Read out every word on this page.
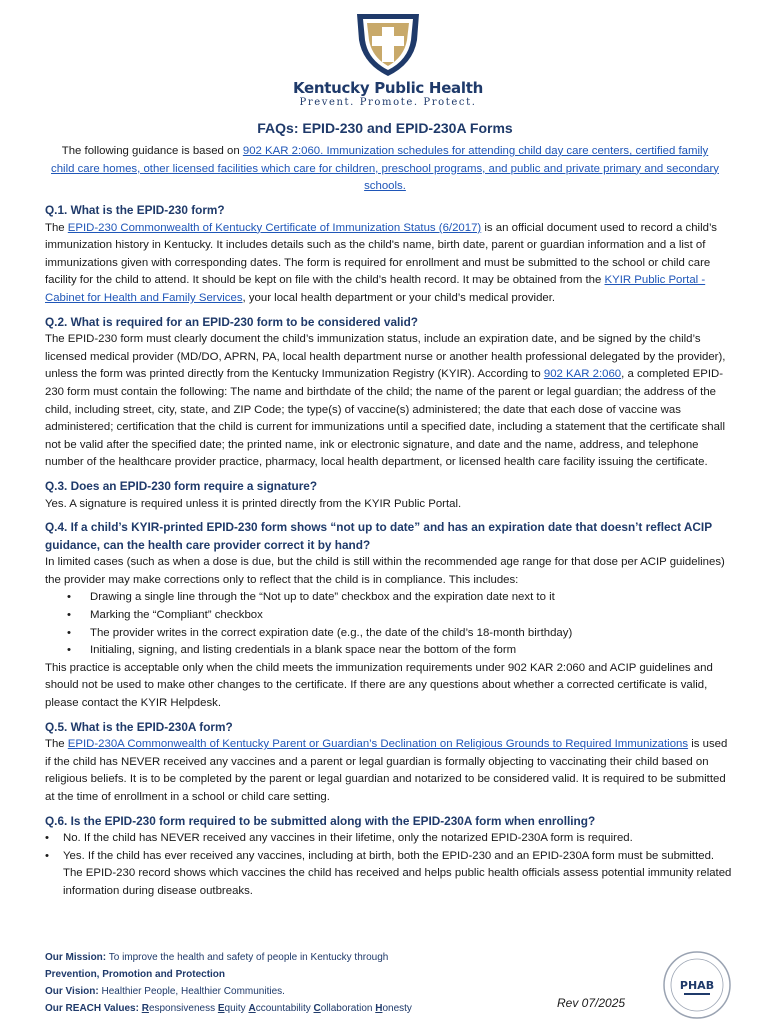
Kentucky Public Health
Prevent. Promote. Protect.
FAQs: EPID-230 and EPID-230A Forms
The following guidance is based on 902 KAR 2:060. Immunization schedules for attending child day care centers, certified family child care homes, other licensed facilities which care for children, preschool programs, and public and private primary and secondary schools.

Q.1. What is the EPID-230 form?

The EPID-230 Commonwealth of Kentucky Certificate of Immunization Status (6/2017) is an official document used to record a child’s immunization history in Kentucky. It includes details such as the child's name, birth date, parent or guardian information and a list of immunizations given with corresponding dates. The form is required for enrollment and must be submitted to the school or child care facility for the child to attend. It should be kept on file with the child’s health record. It may be obtained from the KYIR Public Portal - Cabinet for Health and Family Services, your local health department or your child’s medical provider.

Q.2. What is required for an EPID-230 form to be considered valid?

The EPID-230 form must clearly document the child’s immunization status, include an expiration date, and be signed by the child’s licensed medical provider (MD/DO, APRN, PA, local health department nurse or another health professional delegated by the provider), unless the form was printed directly from the Kentucky Immunization Registry (KYIR). According to 902 KAR 2:060, a completed EPID-230 form must contain the following: The name and birthdate of the child; the name of the parent or legal guardian; the address of the child, including street, city, state, and ZIP Code; the type(s) of vaccine(s) administered; the date that each dose of vaccine was administered; certification that the child is current for immunizations until a specified date, including a statement that the certificate shall not be valid after the specified date; the printed name, ink or electronic signature, and date and the name, address, and telephone number of the healthcare provider practice, pharmacy, local health department, or licensed health care facility issuing the certificate.

Q.3. Does an EPID-230 form require a signature?

Yes. A signature is required unless it is printed directly from the KYIR Public Portal.

Q.4. If a child’s KYIR-printed EPID-230 form shows “not up to date” and has an expiration date that doesn’t reflect ACIP guidance, can the health care provider correct it by hand?

In limited cases (such as when a dose is due, but the child is still within the recommended age range for that dose per ACIP guidelines) the provider may make corrections only to reflect that the child is in compliance. This includes:

• Drawing a single line through the “Not up to date” checkbox and the expiration date next to it
• Marking the “Compliant” checkbox
• The provider writes in the correct expiration date (e.g., the date of the child’s 18-month birthday)
• Initialing, signing, and listing credentials in a blank space near the bottom of the form

This practice is acceptable only when the child meets the immunization requirements under 902 KAR 2:060 and ACIP guidelines and should not be used to make other changes to the certificate. If there are any questions about whether a corrected certificate is valid, please contact the KYIR Helpdesk.

Q.5. What is the EPID-230A form?

The EPID-230A Commonwealth of Kentucky Parent or Guardian’s Declination on Religious Grounds to Required Immunizations is used if the child has NEVER received any vaccines and a parent or legal guardian is formally objecting to vaccinating their child based on religious beliefs. It is to be completed by the parent or legal guardian and notarized to be considered valid. It is required to be submitted at the time of enrollment in a school or child care setting.

Q.6. Is the EPID-230 form required to be submitted along with the EPID-230A form when enrolling?

• No. If the child has NEVER received any vaccines in their lifetime, only the notarized EPID-230A form is required.
• Yes. If the child has ever received any vaccines, including at birth, both the EPID-230 and an EPID-230A form must be submitted. The EPID-230 record shows which vaccines the child has received and helps public health officials assess potential immunity related information during disease outbreaks.
Our Mission: To improve the health and safety of people in Kentucky through
Prevention, Promotion and Protection
Our Vision: Healthier People, Healthier Communities.
Our REACH Values: Responsiveness Equity Accountability Collaboration Honesty	Rev 07/2025
PHAB
